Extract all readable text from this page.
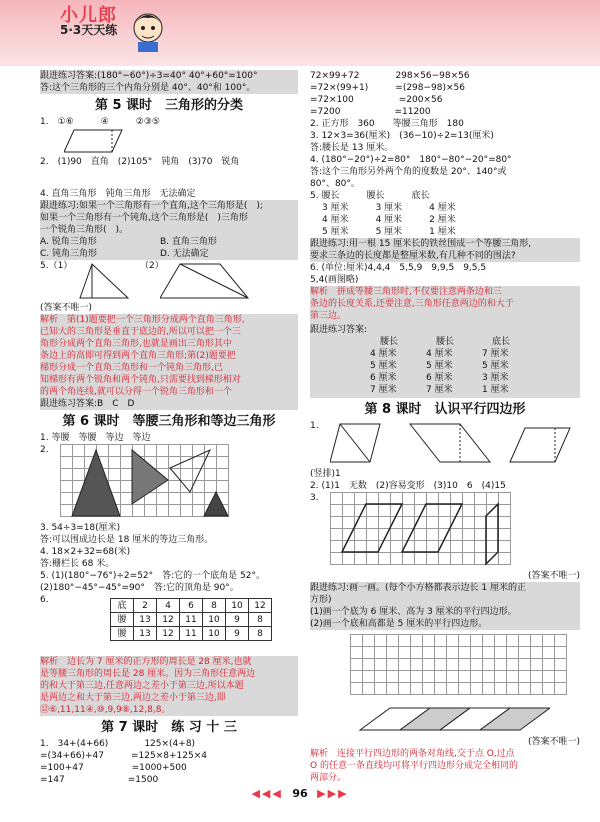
小儿郎
5·3天天练
跟进练习答案:(180°−60°)÷3=40° 40°+60°=100°
答:这个三角形的三个内角分别是 40°、40°和 100°。
第 5 课时　三角形的分类
1.　①⑥　　　④　　　②③⑤
2.　(1)90　直角　(2)105°　钝角　(3)70　锐角
4. 直角三角形　钝角三角形　无法确定
跟进练习:如果一个三角形有一个直角,这个三角形是(　);
如果一个三角形有一个钝角,这个三角形是(　)三角形
一个锐角三角形(　)。
A. 锐角三角形	B. 直角三角形
C. 钝角三角形	D. 无法确定
5.（1）	（2）
(答案不唯一)
解析　第(1)题要把一个三角形分成两个直角三角形,
已知大的三角形是垂直于底边的,所以可以把一个三
角形分成两个直角三角形,也就是画出三角形其中
条边上的高即可得到两个直角三角形;第(2)题要把
梯形分成一个直角三角形和一个钝角三角形,已
知梯形有两个锐角和两个钝角,只需要找到梯形相对
的两个角连线,就可以分得一个锐角三角形和一个
跟进练习答案:B　C　D
第 6 课时　等腰三角形和等边三角形
1. 等腰　等腰　等边　等边
2.
3. 54÷3=18(厘米)
答:可以围成边长是 18 厘米的等边三角形。
4. 18×2+32=68(米)
答:栅栏长 68 米。
5. (1)(180°−76°)÷2=52°　答:它的一个底角是 52°。
(2)180°−45°−45°=90°　答:它的顶角是 90°。
6.
底	2	4	6	8	10	12
腰	13	12	11	10	9	8
腰	13	12	11	10	9	8
解析　边长为 7 厘米的正方形的周长是 28 厘米,也就
是等腰三角形的周长是 28 厘米。因为三角形任意两边
的和大于第三边,任意两边之差小于第三边,所以本题
是两边之和大于第三边,两边之差小于第三边,即
⑫⑥,11,11④,⑩,9,9⑧,12,8,8。
第 7 课时　练 习 十 三
1.　34+(4+66)　　　　125×(4+8)
=(34+66)+47　　　=125×8+125×4
=100+47　　　　　 =1000+500
=147　　　　　　　=1500
72×99+72　　　　298×56−98×56
=72×(99+1)　　　=(298−98)×56
=72×100　　　　　=200×56
=7200　　　　　　=11200
2. 正方形　360　　等腰三角形　180
3. 12×3=36(厘米)　(36−10)÷2=13(厘米)
答:腰长是 13 厘米。
4. (180°−20°)÷2=80°　180°−80°−20°=80°
答:这个三角形另外两个角的度数是 20°、140°或
80°、80°。
5. 腰长　　　腰长　　　底长
3 厘米　　　3 厘米　　　4 厘米
4 厘米　　　4 厘米　　　2 厘米
5 厘米　　　5 厘米　　　1 厘米
跟进练习:用一根 15 厘米长的铁丝围成一个等腰三角形,
要求三条边的长度都是整厘米数,有几种不同的围法?
6. (单位:厘米)4,4,4　5,5,9　9,9,5　9,5,5
5,4(画图略)
解析　拼成等腰三角形时,不仅要注意两条边和三
条边的长度关系,还要注意,三角形任意两边的和大于
第三边。
跟进练习答案:
腰长	腰长	底长
4 厘米	4 厘米	7 厘米
5 厘米	5 厘米	5 厘米
6 厘米	6 厘米	3 厘米
7 厘米	7 厘米	1 厘米
第 8 课时　认识平行四边形
1.
(竖排)1
2. (1)1　无数　(2)容易变形　(3)10　6　(4)15
3.
(答案不唯一)
跟进练习:画一画。(每个小方格都表示边长 1 厘米的正
方形)
(1)画一个底为 6 厘米、高为 3 厘米的平行四边形。
(2)画一个底和高都是 5 厘米的平行四边形。
(答案不唯一)
解析　连接平行四边形的两条对角线,交于点 O,过点
O 的任意一条直线均可将平行四边形分成完全相同的
两部分。
◀◀◀ 96 ▶▶▶
